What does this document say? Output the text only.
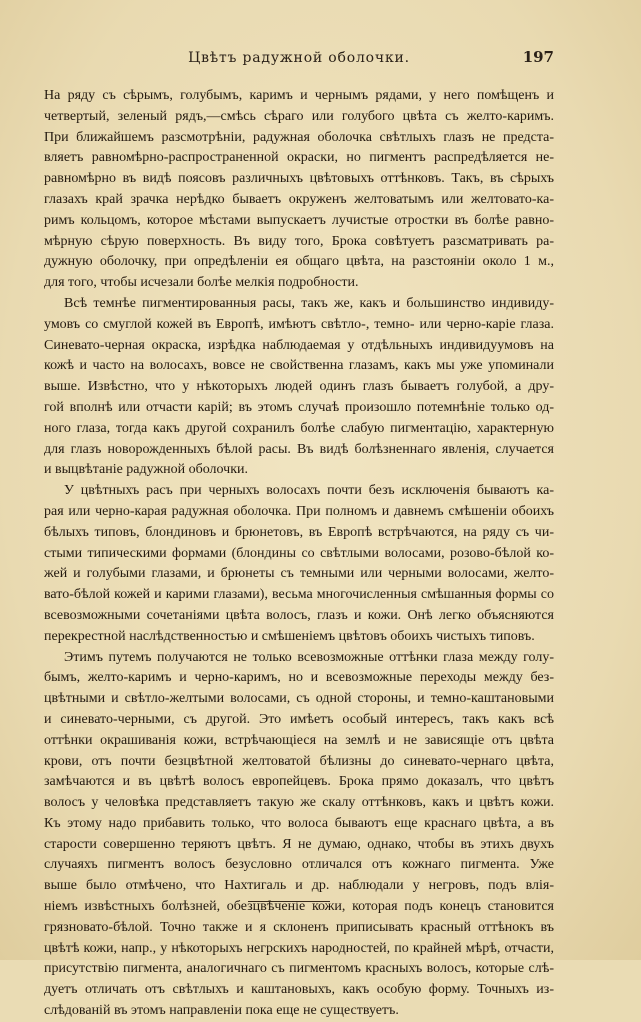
Цвѣтъ радужной оболочки.	197
На ряду съ сѣрымъ, голубымъ, каримъ и чернымъ рядами, у него помѣщенъ и
четвертый, зеленый рядъ,—смѣсь сѣраго или голубого цвѣта съ желто-каримъ.
При ближайшемъ разсмотрѣніи, радужная оболочка свѣтлыхъ глазъ не предста-
вляетъ равномѣрно-распространенной окраски, но пигментъ распредѣляется не-
равномѣрно въ видѣ поясовъ различныхъ цвѣтовыхъ оттѣнковъ. Такъ, въ сѣрыхъ
глазахъ край зрачка нерѣдко бываетъ окруженъ желтоватымъ или желтовато-ка-
римъ кольцомъ, которое мѣстами выпускаетъ лучистые отростки въ болѣе равно-
мѣрную сѣрую поверхность. Въ виду того, Брока совѣтуетъ разсматривать ра-
дужную оболочку, при опредѣленіи ея общаго цвѣта, на разстояніи около 1 м.,
для того, чтобы исчезали болѣе мелкія подробности.
Всѣ темнѣе пигментированныя расы, такъ же, какъ и большинство индивиду-
умовъ со смуглой кожей въ Европѣ, имѣютъ свѣтло-, темно- или черно-каріе глаза.
Синевато-черная окраска, изрѣдка наблюдаемая у отдѣльныхъ индивидуумовъ на
кожѣ и часто на волосахъ, вовсе не свойственна глазамъ, какъ мы уже упоминали
выше. Извѣстно, что у нѣкоторыхъ людей одинъ глазъ бываетъ голубой, а дру-
гой вполнѣ или отчасти карій; въ этомъ случаѣ произошло потемнѣніе только од-
ного глаза, тогда какъ другой сохранилъ болѣе слабую пигментацію, характерную
для глазъ новорожденныхъ бѣлой расы. Въ видѣ болѣзненнаго явленія, случается
и выцвѣтаніе радужной оболочки.
У цвѣтныхъ расъ при черныхъ волосахъ почти безъ исключенія бываютъ ка-
рая или черно-карая радужная оболочка. При полномъ и давнемъ смѣшеніи обоихъ
бѣлыхъ типовъ, блондиновъ и брюнетовъ, въ Европѣ встрѣчаются, на ряду съ чи-
стыми типическими формами (блондины со свѣтлыми волосами, розово-бѣлой ко-
жей и голубыми глазами, и брюнеты съ темными или черными волосами, желто-
вато-бѣлой кожей и карими глазами), весьма многочисленныя смѣшанныя формы со
всевозможными сочетаніями цвѣта волосъ, глазъ и кожи. Онѣ легко объясняются
перекрестной наслѣдственностью и смѣшеніемъ цвѣтовъ обоихъ чистыхъ типовъ.
Этимъ путемъ получаются не только всевозможные оттѣнки глаза между голу-
бымъ, желто-каримъ и черно-каримъ, но и всевозможные переходы между без-
цвѣтными и свѣтло-желтыми волосами, съ одной стороны, и темно-каштановыми
и синевато-черными, съ другой. Это имѣетъ особый интересъ, такъ какъ всѣ
оттѣнки окрашиванія кожи, встрѣчающіеся на землѣ и не зависящіе отъ цвѣта
крови, отъ почти безцвѣтной желтоватой бѣлизны до синевато-чернаго цвѣта,
замѣчаются и въ цвѣтѣ волосъ европейцевъ. Брока прямо доказалъ, что цвѣтъ
волосъ у человѣка представляетъ такую же скалу оттѣнковъ, какъ и цвѣтъ кожи.
Къ этому надо прибавить только, что волоса бываютъ еще краснаго цвѣта, а въ
старости совершенно теряютъ цвѣтъ. Я не думаю, однако, чтобы въ этихъ двухъ
случаяхъ пигментъ волосъ безусловно отличался отъ кожнаго пигмента. Уже
выше было отмѣчено, что Нахтигаль и др. наблюдали у негровъ, подъ влія-
ніемъ извѣстныхъ болѣзней, обезцвѣченіе кожи, которая подъ конецъ становится
грязновато-бѣлой. Точно также и я склоненъ приписывать красный оттѣнокъ въ
цвѣтѣ кожи, напр., у нѣкоторыхъ негрскихъ народностей, по крайней мѣрѣ, отчасти,
присутствію пигмента, аналогичнаго съ пигментомъ красныхъ волосъ, которые слѣ-
дуетъ отличать отъ свѣтлыхъ и каштановыхъ, какъ особую форму. Точныхъ из-
слѣдованій въ этомъ направленіи пока еще не существуетъ.
